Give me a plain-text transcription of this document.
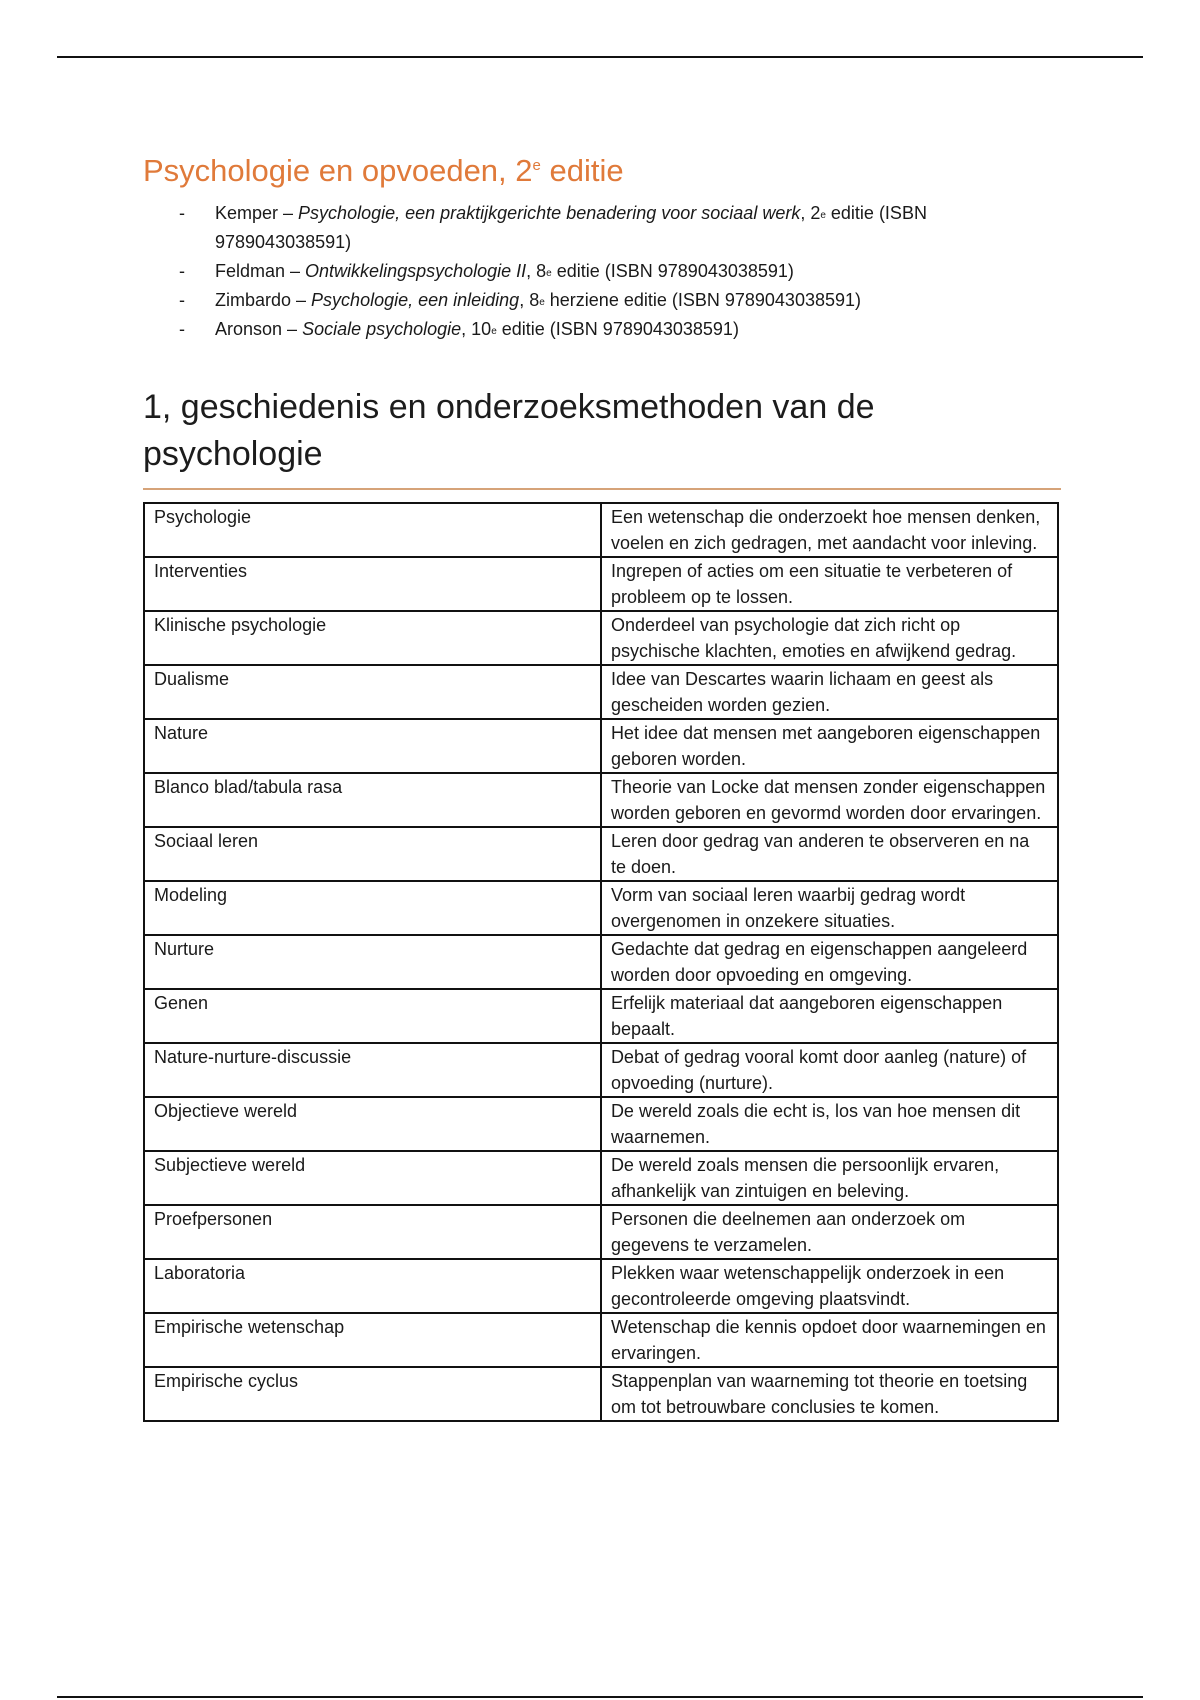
Psychologie en opvoeden, 2e editie
- Kemper – Psychologie, een praktijkgerichte benadering voor sociaal werk, 2e editie (ISBN 9789043038591)
- Feldman – Ontwikkelingspsychologie II, 8e editie (ISBN 9789043038591)
- Zimbardo – Psychologie, een inleiding, 8e herziene editie (ISBN 9789043038591)
- Aronson – Sociale psychologie, 10e editie (ISBN 9789043038591)
1, geschiedenis en onderzoeksmethoden van de psychologie
Psychologie	Een wetenschap die onderzoekt hoe mensen denken, voelen en zich gedragen, met aandacht voor inleving.
Interventies	Ingrepen of acties om een situatie te verbeteren of probleem op te lossen.
Klinische psychologie	Onderdeel van psychologie dat zich richt op psychische klachten, emoties en afwijkend gedrag.
Dualisme	Idee van Descartes waarin lichaam en geest als gescheiden worden gezien.
Nature	Het idee dat mensen met aangeboren eigenschappen geboren worden.
Blanco blad/tabula rasa	Theorie van Locke dat mensen zonder eigenschappen worden geboren en gevormd worden door ervaringen.
Sociaal leren	Leren door gedrag van anderen te observeren en na te doen.
Modeling	Vorm van sociaal leren waarbij gedrag wordt overgenomen in onzekere situaties.
Nurture	Gedachte dat gedrag en eigenschappen aangeleerd worden door opvoeding en omgeving.
Genen	Erfelijk materiaal dat aangeboren eigenschappen bepaalt.
Nature-nurture-discussie	Debat of gedrag vooral komt door aanleg (nature) of opvoeding (nurture).
Objectieve wereld	De wereld zoals die echt is, los van hoe mensen dit waarnemen.
Subjectieve wereld	De wereld zoals mensen die persoonlijk ervaren, afhankelijk van zintuigen en beleving.
Proefpersonen	Personen die deelnemen aan onderzoek om gegevens te verzamelen.
Laboratoria	Plekken waar wetenschappelijk onderzoek in een gecontroleerde omgeving plaatsvindt.
Empirische wetenschap	Wetenschap die kennis opdoet door waarnemingen en ervaringen.
Empirische cyclus	Stappenplan van waarneming tot theorie en toetsing om tot betrouwbare conclusies te komen.
